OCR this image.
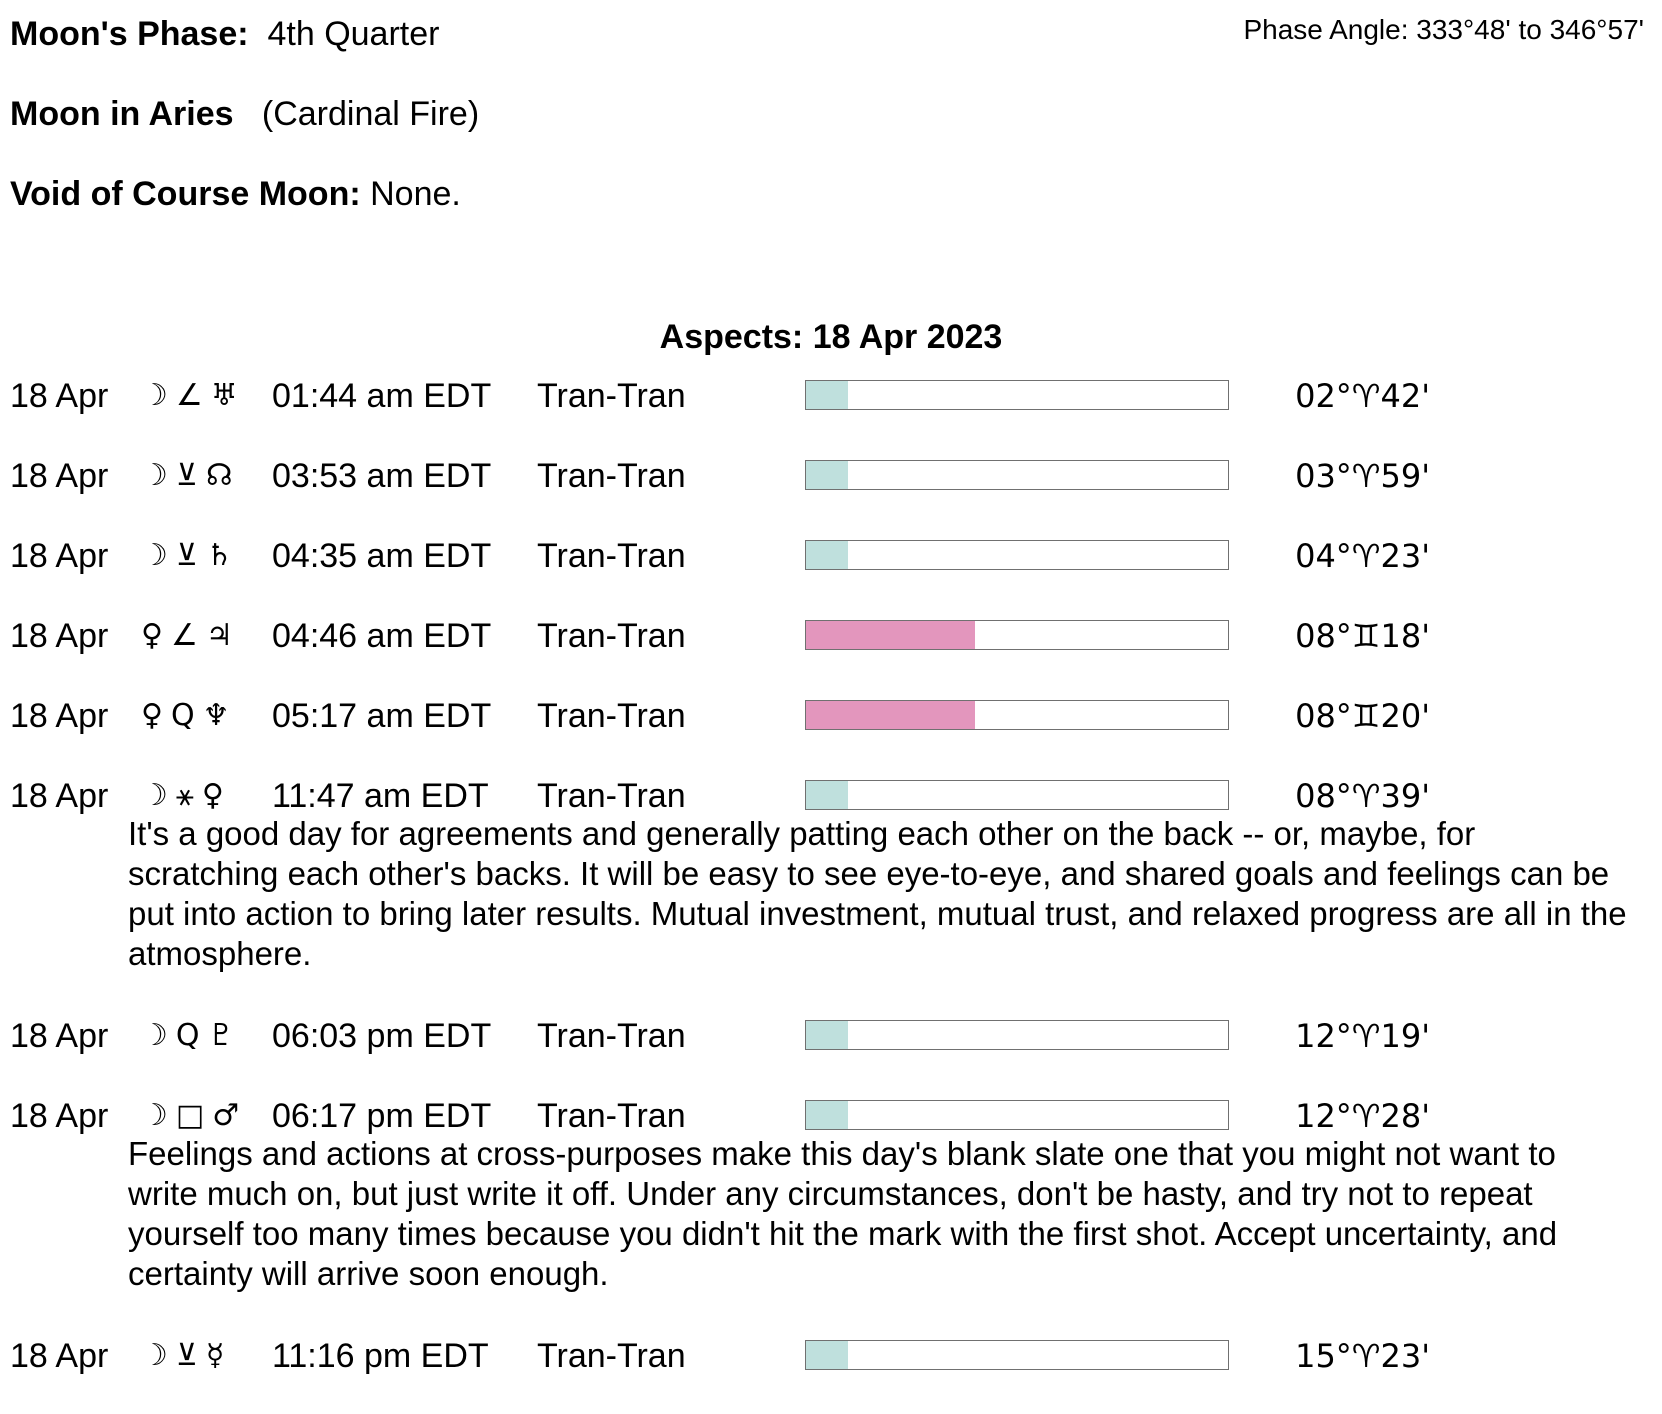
Moon's Phase: 4th Quarter	Phase Angle: 333°48' to 346°57'
Moon in Aries (Cardinal Fire)
Void of Course Moon: None.
Aspects: 18 Apr 2023
18 Apr ☽∠♅ 01:44 am EDT Tran-Tran	02°♈42'
18 Apr ☽⊻☊ 03:53 am EDT Tran-Tran	03°♈59'
18 Apr ☽⊻♄ 04:35 am EDT Tran-Tran	04°♈23'
18 Apr ♀∠♃ 04:46 am EDT Tran-Tran	08°♊18'
18 Apr ♀Q♆ 05:17 am EDT Tran-Tran	08°♊20'
18 Apr ☽⚹♀ 11:47 am EDT Tran-Tran	08°♈39'
It's a good day for agreements and generally patting each other on the back -- or, maybe, for scratching each other's backs. It will be easy to see eye-to-eye, and shared goals and feelings can be put into action to bring later results. Mutual investment, mutual trust, and relaxed progress are all in the atmosphere.
18 Apr ☽Q♇ 06:03 pm EDT Tran-Tran	12°♈19'
18 Apr ☽□♂ 06:17 pm EDT Tran-Tran	12°♈28'
Feelings and actions at cross-purposes make this day's blank slate one that you might not want to write much on, but just write it off. Under any circumstances, don't be hasty, and try not to repeat yourself too many times because you didn't hit the mark with the first shot. Accept uncertainty, and certainty will arrive soon enough.
18 Apr ☽⊻☿ 11:16 pm EDT Tran-Tran	15°♈23'
